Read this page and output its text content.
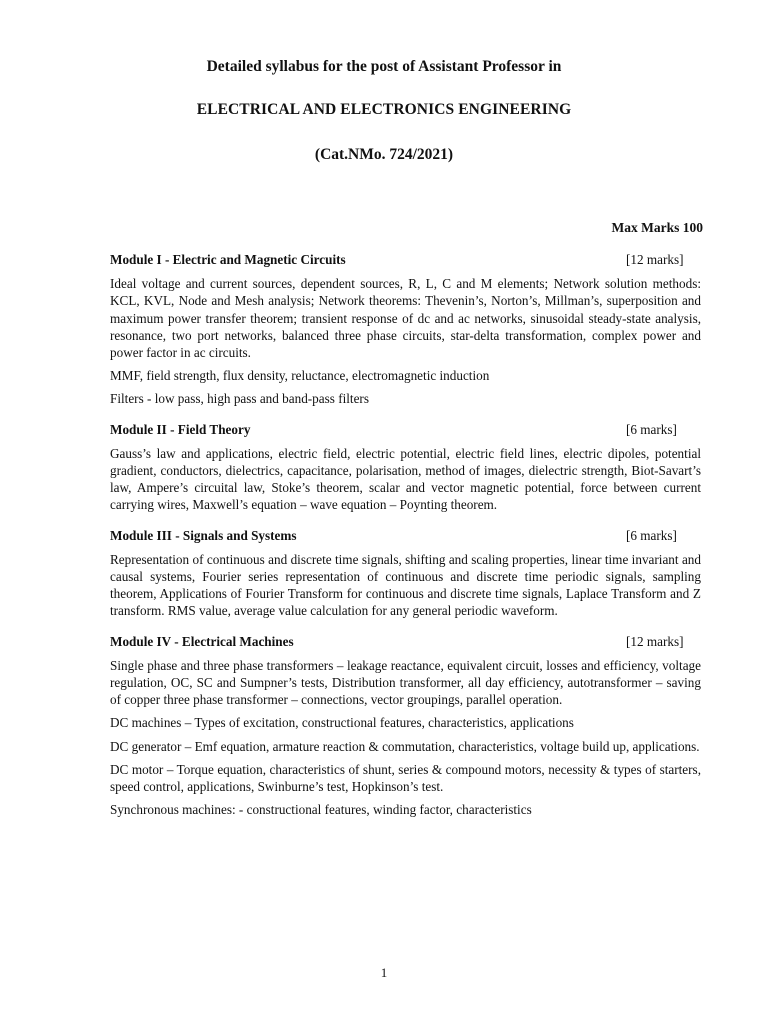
Detailed syllabus for the post of Assistant Professor in
ELECTRICAL AND ELECTRONICS ENGINEERING
(Cat.NMo. 724/2021)
Max Marks 100
Module I - Electric and Magnetic Circuits	[12 marks]

Ideal voltage and current sources, dependent sources, R, L, C and M elements; Network solution methods: KCL, KVL, Node and Mesh analysis; Network theorems: Thevenin’s, Norton’s, Millman’s, superposition and maximum power transfer theorem; transient response of dc and ac networks, sinusoidal steady-state analysis, resonance, two port networks, balanced three phase circuits, star-delta transformation, complex power and power factor in ac circuits.

MMF, field strength, flux density, reluctance, electromagnetic induction

Filters - low pass, high pass and band-pass filters

Module II - Field Theory	[6 marks]

Gauss’s law and applications, electric field, electric potential, electric field lines, electric dipoles, potential gradient, conductors, dielectrics, capacitance, polarisation, method of images, dielectric strength, Biot-Savart’s law, Ampere’s circuital law, Stoke’s theorem, scalar and vector magnetic potential, force between current carrying wires, Maxwell’s equation – wave equation – Poynting theorem.

Module III - Signals and Systems	[6 marks]

Representation of continuous and discrete time signals, shifting and scaling properties, linear time invariant and causal systems, Fourier series representation of continuous and discrete time periodic signals, sampling theorem, Applications of Fourier Transform for continuous and discrete time signals, Laplace Transform and Z transform. RMS value, average value calculation for any general periodic waveform.

Module IV - Electrical Machines	[12 marks]

Single phase and three phase transformers – leakage reactance, equivalent circuit, losses and efficiency, voltage regulation, OC, SC and Sumpner’s tests, Distribution transformer, all day efficiency, autotransformer – saving of copper three phase transformer – connections, vector groupings, parallel operation.

DC machines – Types of excitation, constructional features, characteristics, applications

DC generator – Emf equation, armature reaction & commutation, characteristics, voltage build up, applications.

DC motor – Torque equation, characteristics of shunt, series & compound motors, necessity & types of starters, speed control, applications, Swinburne’s test, Hopkinson’s test.

Synchronous machines: - constructional features, winding factor, characteristics

1
